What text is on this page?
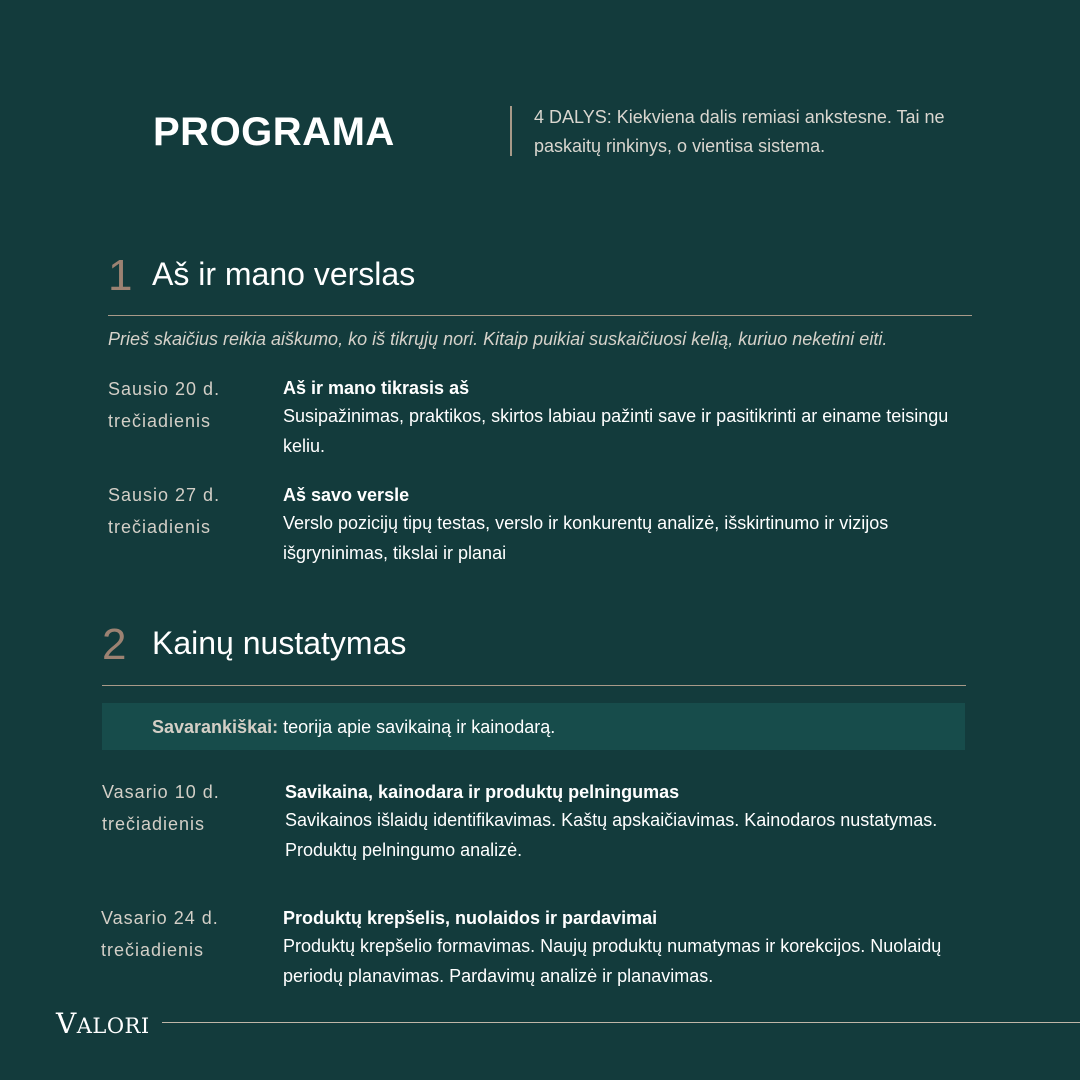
PROGRAMA	4 DALYS: Kiekviena dalis remiasi ankstesne. Tai ne paskaitų rinkinys, o vientisa sistema.
1 Aš ir mano verslas
Prieš skaičius reikia aiškumo, ko iš tikrųjų nori. Kitaip puikiai suskaičiuosi kelią, kuriuo neketini eiti.
Sausio 20 d.
trečiadienis
Aš ir mano tikrasis aš
Susipažinimas, praktikos, skirtos labiau pažinti save ir pasitikrinti ar einame teisingu keliu.
Sausio 27 d.
trečiadienis
Aš savo versle
Verslo pozicijų tipų testas, verslo ir konkurentų analizė, išskirtinumo ir vizijos išgryninimas, tikslai ir planai
2 Kainų nustatymas
Savarankiškai: teorija apie savikainą ir kainodarą.
Vasario 10 d.
trečiadienis
Savikaina, kainodara ir produktų pelningumas
Savikainos išlaidų identifikavimas. Kaštų apskaičiavimas. Kainodaros nustatymas. Produktų pelningumo analizė.
Vasario 24 d.
trečiadienis
Produktų krepšelis, nuolaidos ir pardavimai
Produktų krepšelio formavimas. Naujų produktų numatymas ir korekcijos. Nuolaidų periodų planavimas. Pardavimų analizė ir planavimas.
VALORI
